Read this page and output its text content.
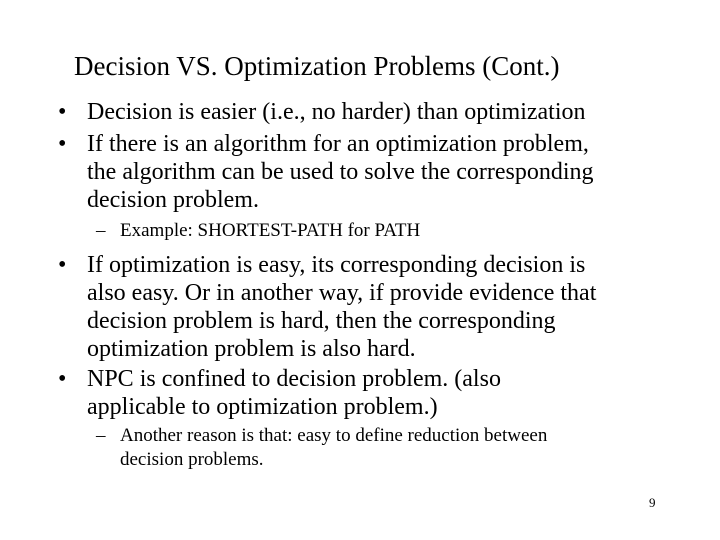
Decision VS. Optimization Problems (Cont.)
• Decision is easier (i.e., no harder) than optimization
• If there is an algorithm for an optimization problem,
the algorithm can be used to solve the corresponding
decision problem.
– Example: SHORTEST-PATH for PATH
• If optimization is easy, its corresponding decision is
also easy. Or in another way, if provide evidence that
decision problem is hard, then the corresponding
optimization problem is also hard.
• NPC is confined to decision problem. (also
applicable to optimization problem.)
– Another reason is that: easy to define reduction between
decision problems.
9
